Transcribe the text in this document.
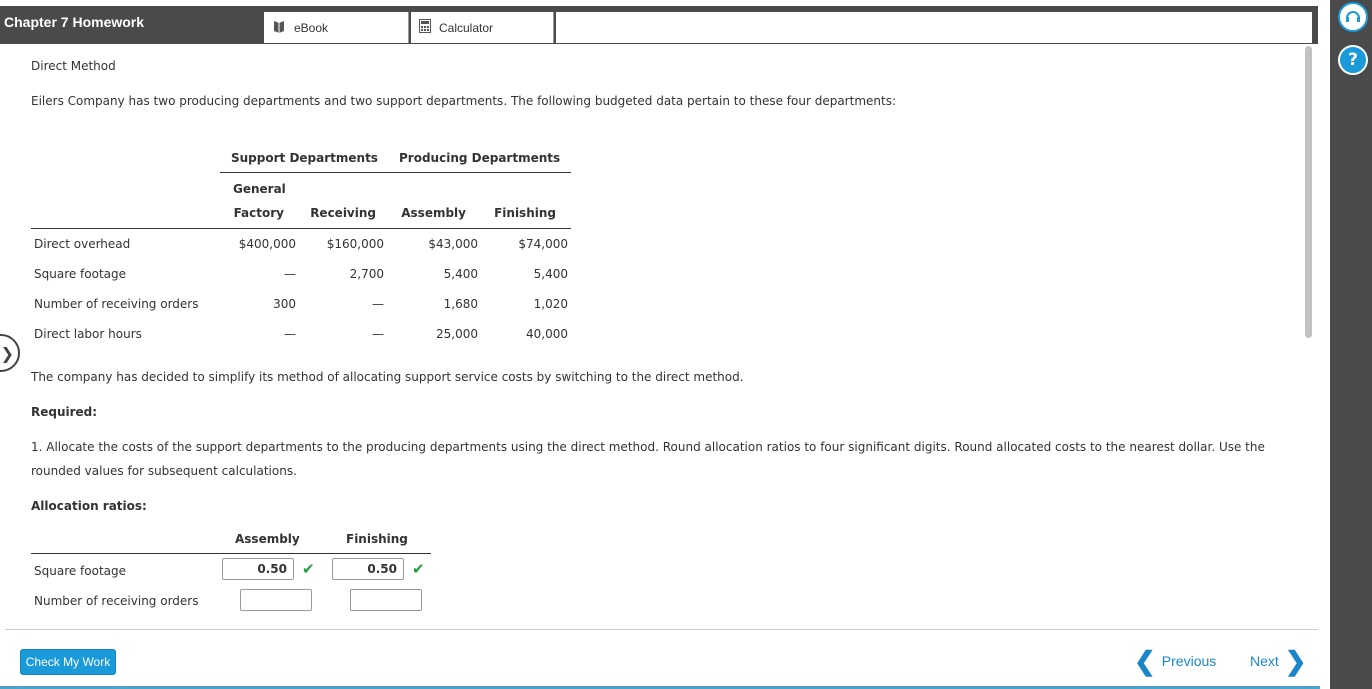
Chapter 7 Homework	eBook	Calculator
?
❯
Direct Method
Eilers Company has two producing departments and two support departments. The following budgeted data pertain to these four departments:
Support Departments Producing Departments
General
Factory	Receiving	Assembly	Finishing
Direct overhead	$400,000	$160,000	$43,000	$74,000
Square footage	—	2,700	5,400	5,400
Number of receiving orders	300	—	1,680	1,020
Direct labor hours	—	—	25,000	40,000
The company has decided to simplify its method of allocating support service costs by switching to the direct method.
Required:
1. Allocate the costs of the support departments to the producing departments using the direct method. Round allocation ratios to four significant digits. Round allocated costs to the nearest dollar. Use the
rounded values for subsequent calculations.
Allocation ratios:
Assembly	Finishing
Square footage	0.50	✔	0.50	✔
Number of receiving orders
Check My Work	❮ Previous Next ❯
